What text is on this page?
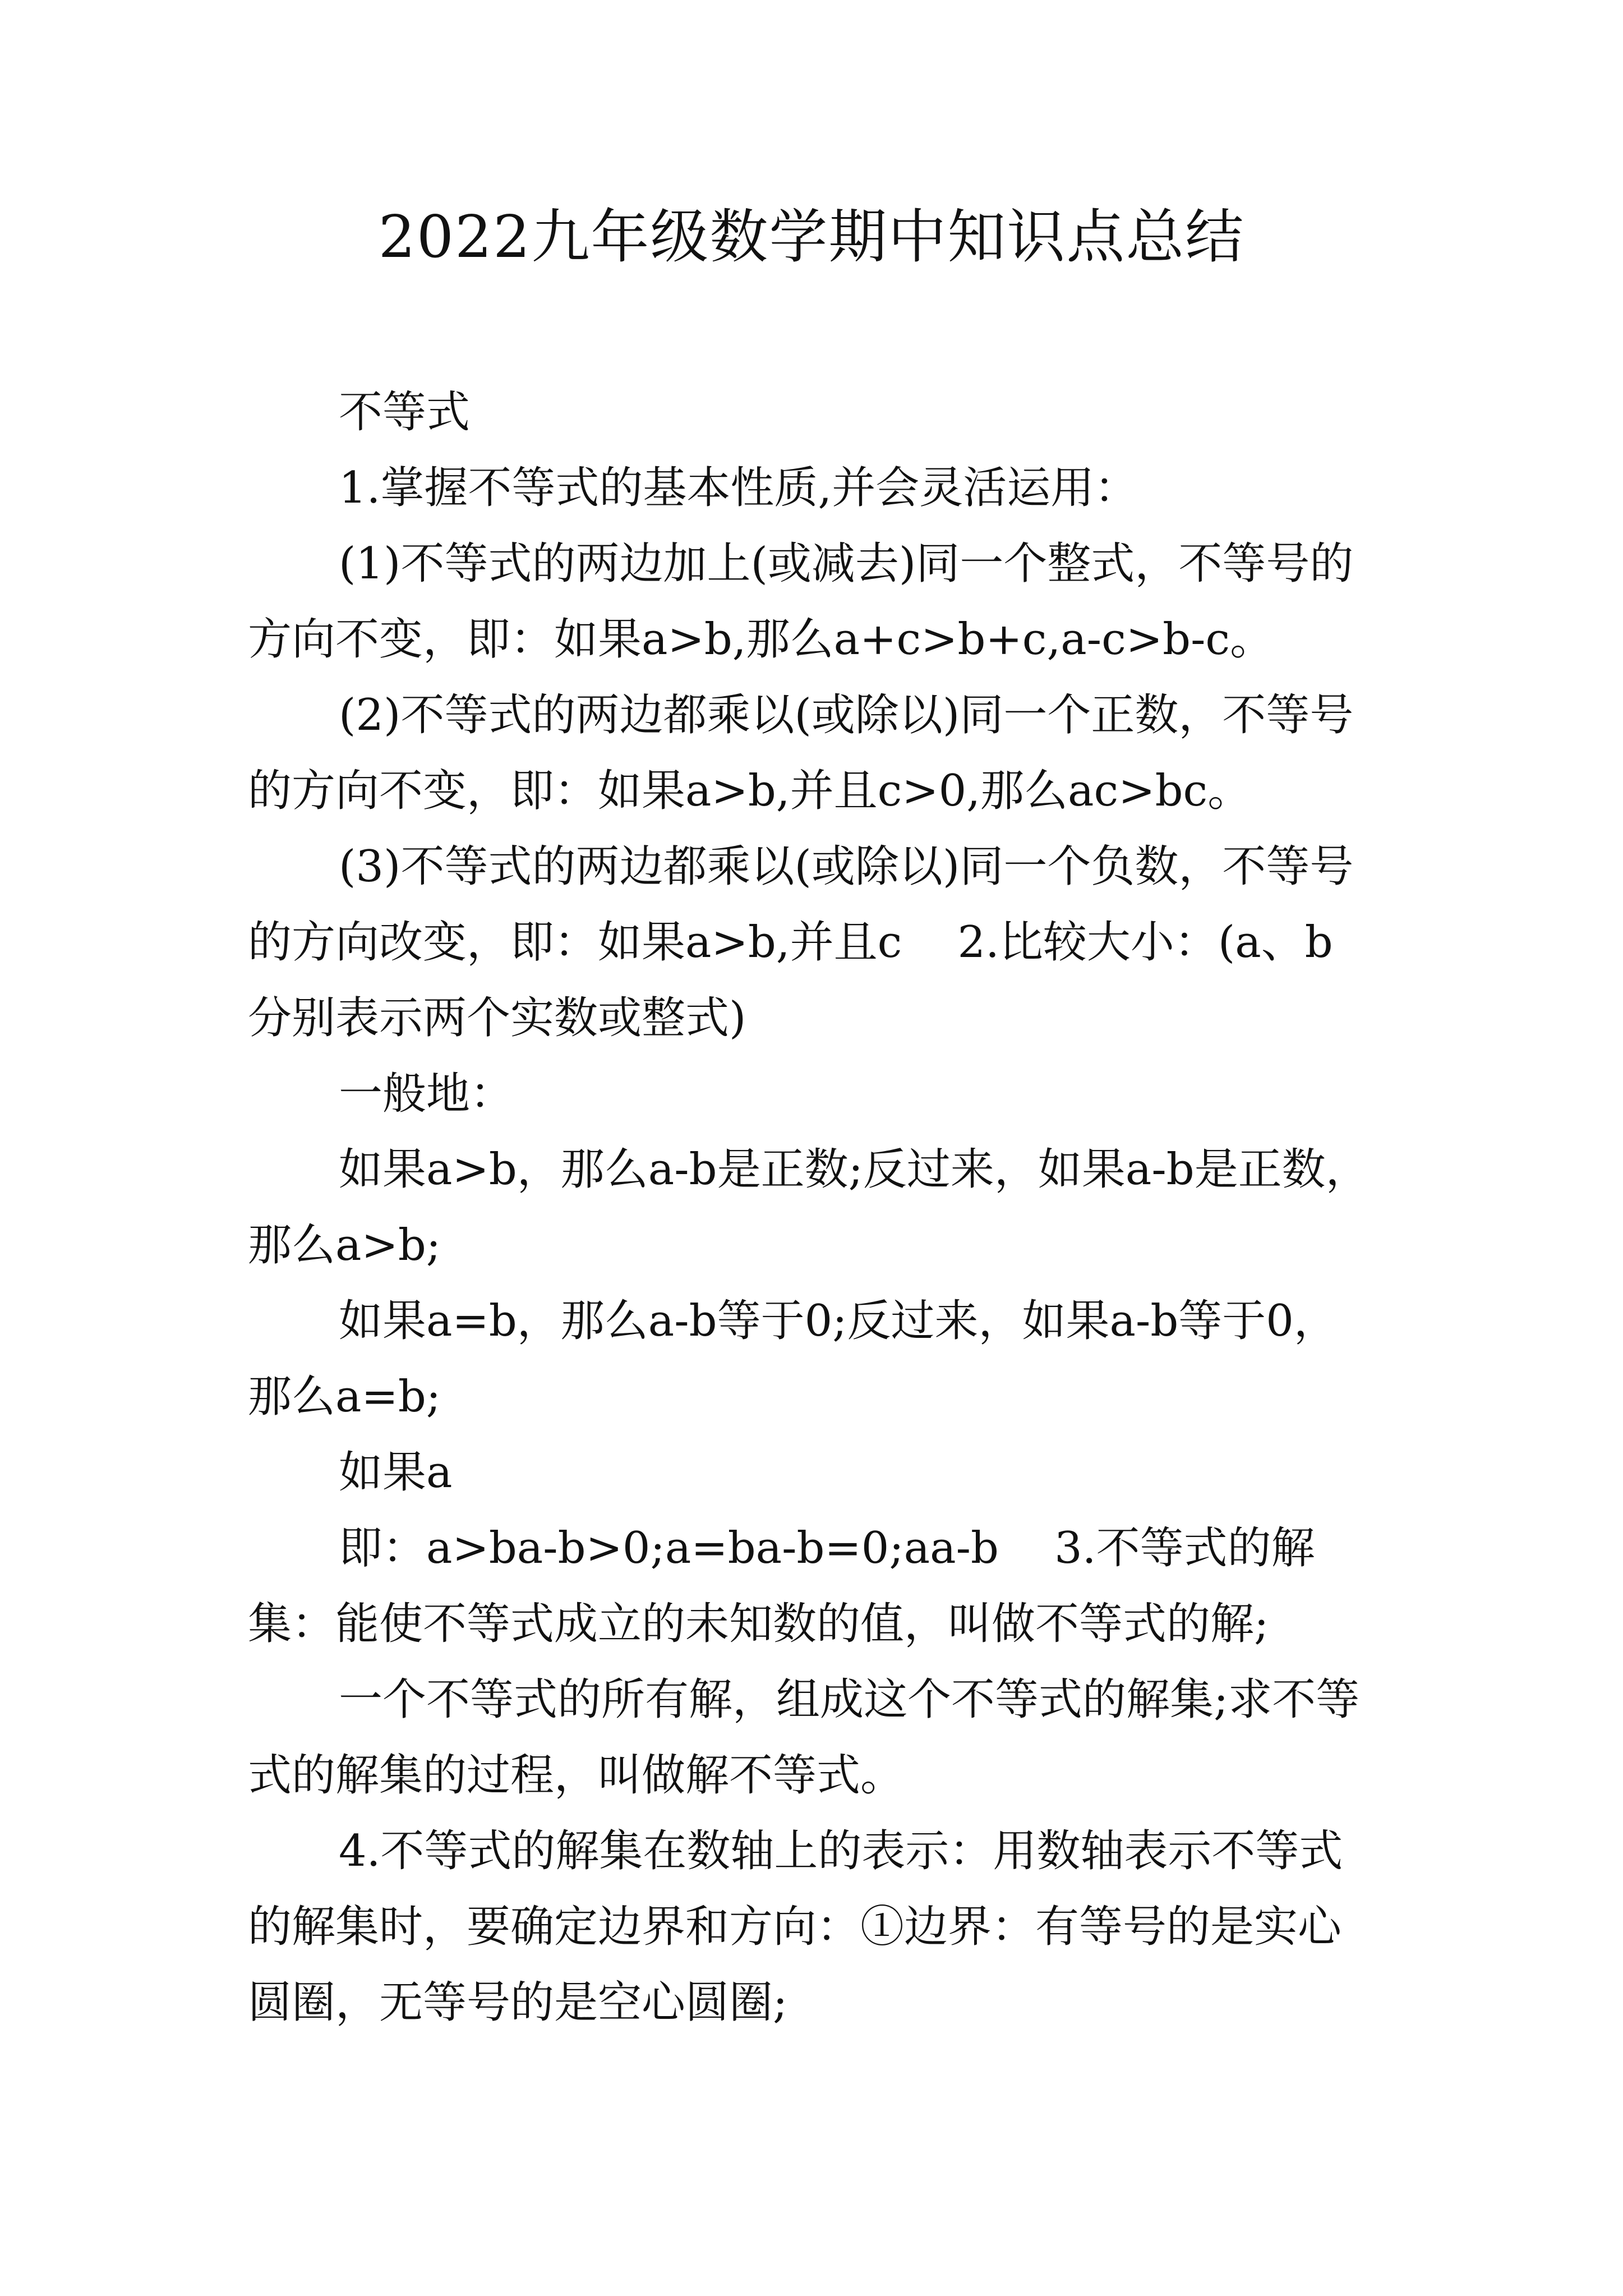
2022九年级数学期中知识点总结

不等式

1.掌握不等式的基本性质,并会灵活运用：

(1)不等式的两边加上(或减去)同一个整式，不等号的方向不变，即：如果a>b,那么a+c>b+c,a-c>b-c。

(2)不等式的两边都乘以(或除以)同一个正数，不等号的方向不变，即：如果a>b,并且c>0,那么ac>bc。

(3)不等式的两边都乘以(或除以)同一个负数，不等号的方向改变，即：如果a>b,并且c    2.比较大小：(a、b分别表示两个实数或整式)

一般地：

如果a>b，那么a-b是正数;反过来，如果a-b是正数，那么a>b;

如果a=b，那么a-b等于0;反过来，如果a-b等于0，那么a=b;

如果a

即：a>ba-b>0;a=ba-b=0;aa-b    3.不等式的解集：能使不等式成立的未知数的值，叫做不等式的解;

一个不等式的所有解，组成这个不等式的解集;求不等式的解集的过程，叫做解不等式。

4.不等式的解集在数轴上的表示：用数轴表示不等式的解集时，要确定边界和方向：①边界：有等号的是实心圆圈，无等号的是空心圆圈;
